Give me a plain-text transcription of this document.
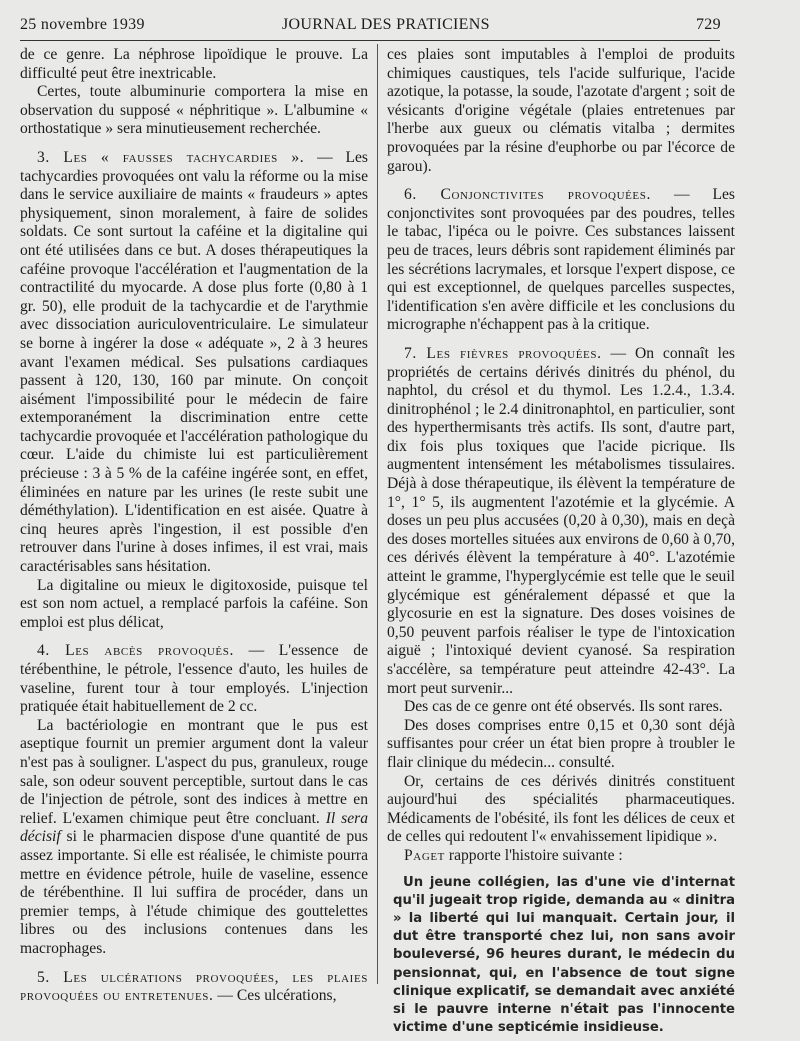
25 novembre 1939	JOURNAL DES PRATICIENS	729

de ce genre. La néphrose lipoïdique le prouve. La difficulté peut être inextricable.

Certes, toute albuminurie comportera la mise en observation du supposé « néphritique ». L'albumine « orthostatique » sera minutieusement recherchée.

3. Les « fausses tachycardies ». — Les tachycardies provoquées ont valu la réforme ou la mise dans le service auxiliaire de maints « fraudeurs » aptes physiquement, sinon moralement, à faire de solides soldats. Ce sont surtout la caféine et la digitaline qui ont été utilisées dans ce but. A doses thérapeutiques la caféine provoque l'accélération et l'augmentation de la contractilité du myocarde. A dose plus forte (0,80 à 1 gr. 50), elle produit de la tachycardie et de l'arythmie avec dissociation auriculoventriculaire. Le simulateur se borne à ingérer la dose « adéquate », 2 à 3 heures avant l'examen médical. Ses pulsations cardiaques passent à 120, 130, 160 par minute. On conçoit aisément l'impossibilité pour le médecin de faire extemporanément la discrimination entre cette tachycardie provoquée et l'accélération pathologique du cœur. L'aide du chimiste lui est particulièrement précieuse : 3 à 5 % de la caféine ingérée sont, en effet, éliminées en nature par les urines (le reste subit une déméthylation). L'identification en est aisée. Quatre à cinq heures après l'ingestion, il est possible d'en retrouver dans l'urine à doses infimes, il est vrai, mais caractérisables sans hésitation.

La digitaline ou mieux le digitoxoside, puisque tel est son nom actuel, a remplacé parfois la caféine. Son emploi est plus délicat,

4. Les abcès provoqués. — L'essence de térébenthine, le pétrole, l'essence d'auto, les huiles de vaseline, furent tour à tour employés. L'injection pratiquée était habituellement de 2 cc.

La bactériologie en montrant que le pus est aseptique fournit un premier argument dont la valeur n'est pas à souligner. L'aspect du pus, granuleux, rouge sale, son odeur souvent perceptible, surtout dans le cas de l'injection de pétrole, sont des indices à mettre en relief. L'examen chimique peut être concluant. Il sera décisif si le pharmacien dispose d'une quantité de pus assez importante. Si elle est réalisée, le chimiste pourra mettre en évidence pétrole, huile de vaseline, essence de térébenthine. Il lui suffira de procéder, dans un premier temps, à l'étude chimique des gouttelettes libres ou des inclusions contenues dans les macrophages.

5. Les ulcérations provoquées, les plaies provoquées ou entretenues. — Ces ulcérations,

ces plaies sont imputables à l'emploi de produits chimiques caustiques, tels l'acide sulfurique, l'acide azotique, la potasse, la soude, l'azotate d'argent ; soit de vésicants d'origine végétale (plaies entretenues par l'herbe aux gueux ou clématis vitalba ; dermites provoquées par la résine d'euphorbe ou par l'écorce de garou).

6. Conjonctivites provoquées. — Les conjonctivites sont provoquées par des poudres, telles le tabac, l'ipéca ou le poivre. Ces substances laissent peu de traces, leurs débris sont rapidement éliminés par les sécrétions lacrymales, et lorsque l'expert dispose, ce qui est exceptionnel, de quelques parcelles suspectes, l'identification s'en avère difficile et les conclusions du micrographe n'échappent pas à la critique.

7. Les fièvres provoquées. — On connaît les propriétés de certains dérivés dinitrés du phénol, du naphtol, du crésol et du thymol. Les 1.2.4., 1.3.4. dinitrophénol ; le 2.4 dinitronaphtol, en particulier, sont des hyperthermisants très actifs. Ils sont, d'autre part, dix fois plus toxiques que l'acide picrique. Ils augmentent intensément les métabolismes tissulaires. Déjà à dose thérapeutique, ils élèvent la température de 1°, 1° 5, ils augmentent l'azotémie et la glycémie. A doses un peu plus accusées (0,20 à 0,30), mais en deçà des doses mortelles situées aux environs de 0,60 à 0,70, ces dérivés élèvent la température à 40°. L'azotémie atteint le gramme, l'hyperglycémie est telle que le seuil glycémique est généralement dépassé et que la glycosurie en est la signature. Des doses voisines de 0,50 peuvent parfois réaliser le type de l'intoxication aiguë ; l'intoxiqué devient cyanosé. Sa respiration s'accélère, sa température peut atteindre 42-43°. La mort peut survenir...

Des cas de ce genre ont été observés. Ils sont rares.

Des doses comprises entre 0,15 et 0,30 sont déjà suffisantes pour créer un état bien propre à troubler le flair clinique du médecin... consulté.

Or, certains de ces dérivés dinitrés constituent aujourd'hui des spécialités pharmaceutiques. Médicaments de l'obésité, ils font les délices de ceux et de celles qui redoutent l'« envahissement lipidique ».

Paget rapporte l'histoire suivante :

Un jeune collégien, las d'une vie d'internat qu'il jugeait trop rigide, demanda au « dinitra » la liberté qui lui manquait. Certain jour, il dut être transporté chez lui, non sans avoir bouleversé, 96 heures durant, le médecin du pensionnat, qui, en l'absence de tout signe clinique explicatif, se demandait avec anxiété si le pauvre interne n'était pas l'innocente victime d'une septicémie insidieuse.
